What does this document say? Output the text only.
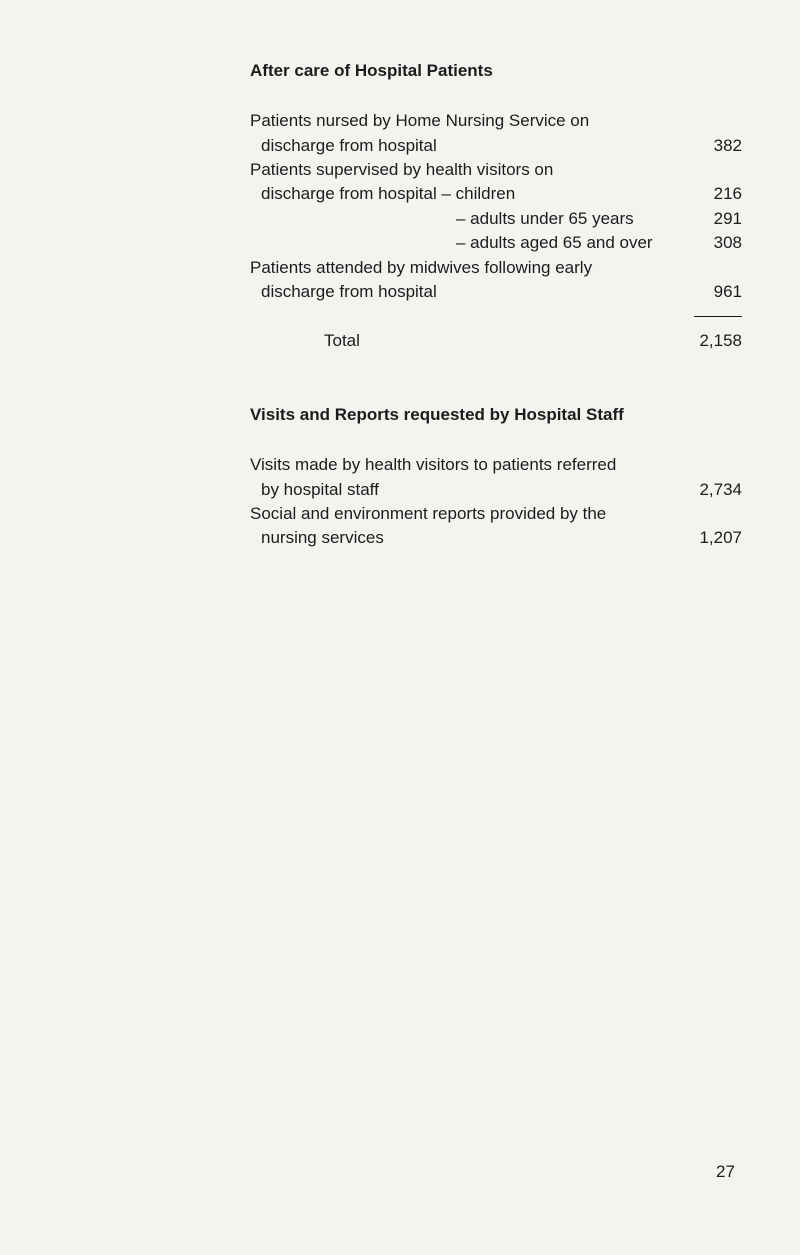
After care of Hospital Patients
Patients nursed by Home Nursing Service on
discharge from hospital	382
Patients supervised by health visitors on
discharge from hospital – children	216
– adults under 65 years	291
– adults aged 65 and over	308
Patients attended by midwives following early
discharge from hospital	961
Total	2,158
Visits and Reports requested by Hospital Staff
Visits made by health visitors to patients referred
by hospital staff	2,734
Social and environment reports provided by the
nursing services	1,207
27
